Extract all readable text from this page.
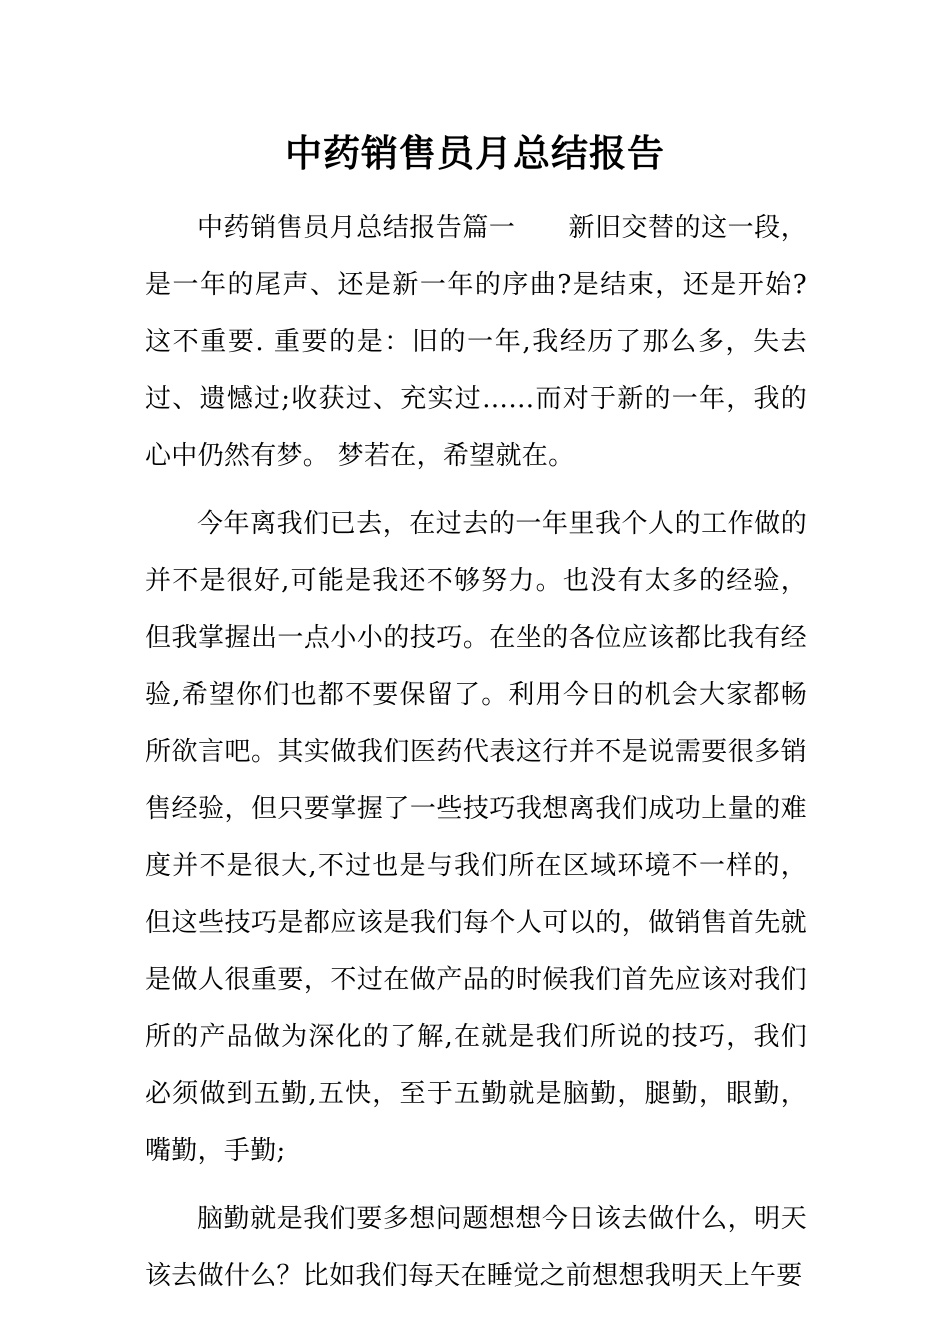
中药销售员月总结报告

中药销售员月总结报告篇一　　新旧交替的这一段，是一年的尾声、还是新一年的序曲?是结束，还是开始? 这不重要. 重要的是：旧的一年,我经历了那么多，失去过、遗憾过;收获过、充实过……而对于新的一年，我的心中仍然有梦。 梦若在，希望就在。

今年离我们已去，在过去的一年里我个人的工作做的并不是很好,可能是我还不够努力。也没有太多的经验，但我掌握出一点小小的技巧。在坐的各位应该都比我有经验,希望你们也都不要保留了。利用今日的机会大家都畅所欲言吧。其实做我们医药代表这行并不是说需要很多销售经验，但只要掌握了一些技巧我想离我们成功上量的难度并不是很大,不过也是与我们所在区域环境不一样的，但这些技巧是都应该是我们每个人可以的，做销售首先就是做人很重要，不过在做产品的时候我们首先应该对我们所的产品做为深化的了解,在就是我们所说的技巧，我们必须做到五勤,五快，至于五勤就是脑勤，腿勤，眼勤，嘴勤，手勤;

脑勤就是我们要多想问题想想今日该去做什么，明天该去做什么？比如我们每天在睡觉之前想想我明天上午要
